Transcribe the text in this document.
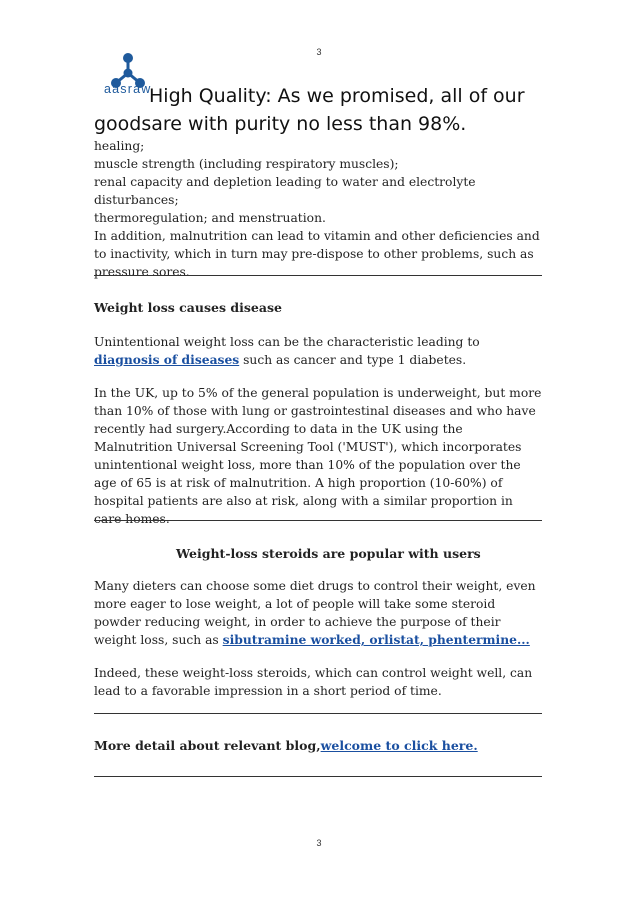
3
aasraw
High Quality: As we promised, all of our goodsare with purity no less than 98%.
healing;
muscle strength (including respiratory muscles);
renal capacity and depletion leading to water and electrolyte disturbances;
thermoregulation; and menstruation.
In addition, malnutrition can lead to vitamin and other deficiencies and to inactivity, which in turn may pre-dispose to other problems, such as pressure sores.
Weight loss causes disease

Unintentional weight loss can be the characteristic leading to diagnosis of diseases such as cancer and type 1 diabetes.

In the UK, up to 5% of the general population is underweight, but more than 10% of those with lung or gastrointestinal diseases and who have recently had surgery.According to data in the UK using the Malnutrition Universal Screening Tool ('MUST'), which incorporates unintentional weight loss, more than 10% of the population over the age of 65 is at risk of malnutrition. A high proportion (10-60%) of hospital patients are also at risk, along with a similar proportion in care homes.

Weight-loss steroids are popular with users

Many dieters can choose some diet drugs to control their weight, even more eager to lose weight, a lot of people will take some steroid powder reducing weight, in order to achieve the purpose of their weight loss, such as sibutramine worked, orlistat, phentermine...

Indeed, these weight-loss steroids, which can control weight well, can lead to a favorable impression in a short period of time.

More detail about relevant blog,welcome to click here.
3
